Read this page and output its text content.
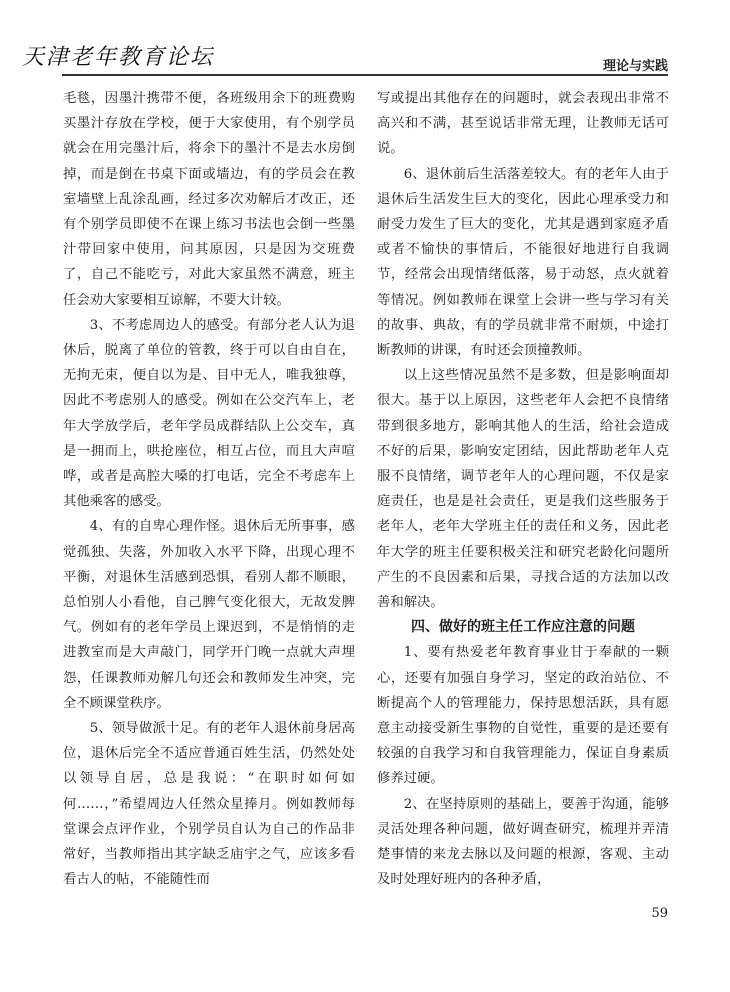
天津老年教育论坛	理论与实践

毛毯，因墨汁携带不便，各班级用余下的班费购买墨汁存放在学校，便于大家使用，有个别学员就会在用完墨汁后，将余下的墨汁不是去水房倒掉，而是倒在书桌下面或墙边，有的学员会在教室墙壁上乱涂乱画，经过多次劝解后才改正，还有个别学员即使不在课上练习书法也会倒一些墨汁带回家中使用，问其原因，只是因为交班费了，自己不能吃亏，对此大家虽然不满意，班主任会劝大家要相互谅解，不要大计较。

3、不考虑周边人的感受。有部分老人认为退休后，脱离了单位的管教，终于可以自由自在，无拘无束，便自以为是、目中无人，唯我独尊，因此不考虑别人的感受。例如在公交汽车上，老年大学放学后，老年学员成群结队上公交车，真是一拥而上，哄抢座位，相互占位，而且大声喧哗，或者是高腔大嗓的打电话，完全不考虑车上其他乘客的感受。

4、有的自卑心理作怪。退休后无所事事，感觉孤独、失落，外加收入水平下降，出现心理不平衡，对退休生活感到恐惧，看别人都不顺眼，总怕别人小看他，自己脾气变化很大，无故发脾气。例如有的老年学员上课迟到，不是悄悄的走进教室而是大声敲门，同学开门晚一点就大声埋怨，任课教师劝解几句还会和教师发生冲突，完全不顾课堂秩序。

5、领导做派十足。有的老年人退休前身居高位，退休后完全不适应普通百姓生活，仍然处处以领导自居，总是我说：“在职时如何如何……，”希望周边人任然众星捧月。例如教师每堂课会点评作业，个别学员自认为自己的作品非常好，当教师指出其字缺乏庙宇之气，应该多看看古人的帖，不能随性而

写或提出其他存在的问题时，就会表现出非常不高兴和不满，甚至说话非常无理，让教师无话可说。

6、退休前后生活落差较大。有的老年人由于退休后生活发生巨大的变化，因此心理承受力和耐受力发生了巨大的变化，尤其是遇到家庭矛盾或者不愉快的事情后，不能很好地进行自我调节，经常会出现情绪低落，易于动怒，点火就着等情况。例如教师在课堂上会讲一些与学习有关的故事、典故，有的学员就非常不耐烦，中途打断教师的讲课，有时还会顶撞教师。

以上这些情况虽然不是多数，但是影响面却很大。基于以上原因，这些老年人会把不良情绪带到很多地方，影响其他人的生活，给社会造成不好的后果，影响安定团结，因此帮助老年人克服不良情绪，调节老年人的心理问题，不仅是家庭责任，也是是社会责任，更是我们这些服务于老年人，老年大学班主任的责任和义务，因此老年大学的班主任要积极关注和研究老龄化问题所产生的不良因素和后果，寻找合适的方法加以改善和解决。

四、做好的班主任工作应注意的问题

1、要有热爱老年教育事业甘于奉献的一颗心，还要有加强自身学习，坚定的政治站位、不断提高个人的管理能力，保持思想活跃，具有愿意主动接受新生事物的自觉性，重要的是还要有较强的自我学习和自我管理能力，保证自身素质修养过硬。

2、在坚持原则的基础上，要善于沟通，能够灵活处理各种问题，做好调查研究，梳理并弄清楚事情的来龙去脉以及问题的根源，客观、主动及时处理好班内的各种矛盾，

59
